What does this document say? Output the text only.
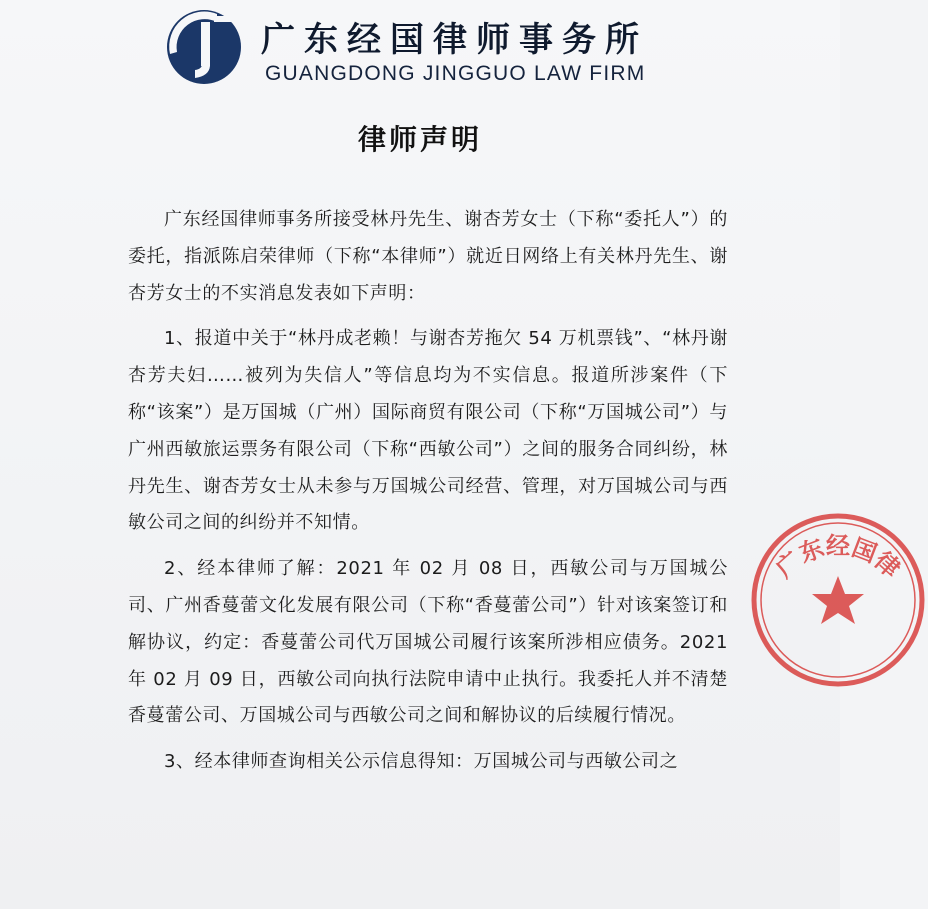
广东经国律师事务所
GUANGDONG JINGGUO LAW FIRM
律师声明

广东经国律师事务所接受林丹先生、谢杏芳女士（下称“委托人”）的委托，指派陈启荣律师（下称“本律师”）就近日网络上有关林丹先生、谢杏芳女士的不实消息发表如下声明：

1、报道中关于“林丹成老赖！与谢杏芳拖欠 54 万机票钱”、“林丹谢杏芳夫妇……被列为失信人”等信息均为不实信息。报道所涉案件（下称“该案”）是万国城（广州）国际商贸有限公司（下称“万国城公司”）与广州西敏旅运票务有限公司（下称“西敏公司”）之间的服务合同纠纷，林丹先生、谢杏芳女士从未参与万国城公司经营、管理，对万国城公司与西敏公司之间的纠纷并不知情。

2、经本律师了解：2021 年 02 月 08 日，西敏公司与万国城公司、广州香蔓蕾文化发展有限公司（下称“香蔓蕾公司”）针对该案签订和解协议，约定：香蔓蕾公司代万国城公司履行该案所涉相应债务。2021 年 02 月 09 日，西敏公司向执行法院申请中止执行。我委托人并不清楚香蔓蕾公司、万国城公司与西敏公司之间和解协议的后续履行情况。

3、经本律师查询相关公示信息得知：万国城公司与西敏公司之

广东经国律
